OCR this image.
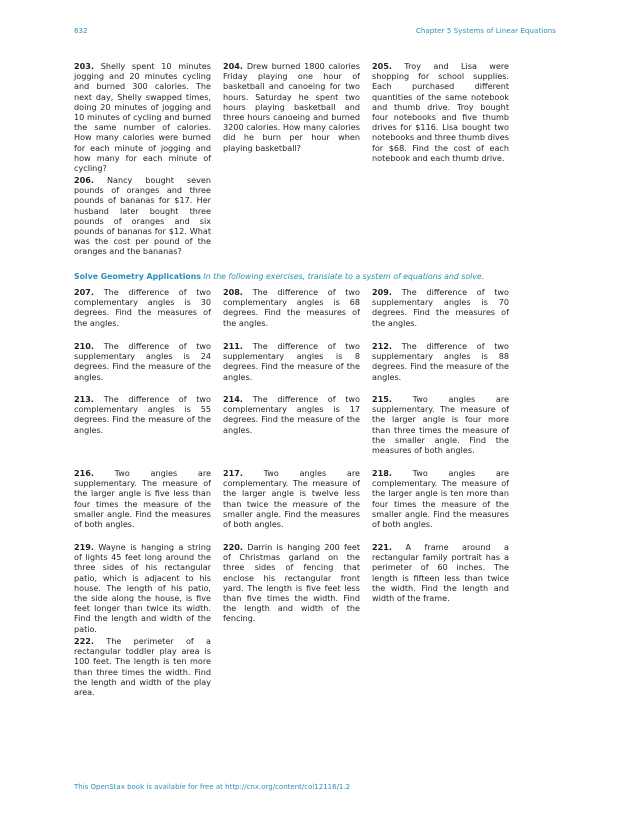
632	Chapter 5 Systems of Linear Equations

203. Shelly spent 10 minutes jogging and 20 minutes cycling and burned 300 calories. The next day, Shelly swapped times, doing 20 minutes of jogging and 10 minutes of cycling and burned the same number of calories. How many calories were burned for each minute of jogging and how many for each minute of cycling?

204. Drew burned 1800 calories Friday playing one hour of basketball and canoeing for two hours. Saturday he spent two hours playing basketball and three hours canoeing and burned 3200 calories. How many calories did he burn per hour when playing basketball?

205. Troy and Lisa were shopping for school supplies. Each purchased different quantities of the same notebook and thumb drive. Troy bought four notebooks and five thumb drives for $116. Lisa bought two notebooks and three thumb dives for $68. Find the cost of each notebook and each thumb drive.

206. Nancy bought seven pounds of oranges and three pounds of bananas for $17. Her husband later bought three pounds of oranges and six pounds of bananas for $12. What was the cost per pound of the oranges and the bananas?

Solve Geometry Applications In the following exercises, translate to a system of equations and solve.

207. The difference of two complementary angles is 30 degrees. Find the measures of the angles.

208. The difference of two complementary angles is 68 degrees. Find the measures of the angles.

209. The difference of two supplementary angles is 70 degrees. Find the measures of the angles.

210. The difference of two supplementary angles is 24 degrees. Find the measure of the angles.

211. The difference of two supplementary angles is 8 degrees. Find the measure of the angles.

212. The difference of two supplementary angles is 88 degrees. Find the measure of the angles.

213. The difference of two complementary angles is 55 degrees. Find the measure of the angles.

214. The difference of two complementary angles is 17 degrees. Find the measure of the angles.

215.	Two angles are supplementary. The measure of the larger angle is four more than three times the measure of the smaller angle. Find the measures of both angles.

216.	Two angles are supplementary. The measure of the larger angle is five less than four times the measure of the smaller angle. Find the measures of both angles.

217.	Two angles are complementary. The measure of the larger angle is twelve less than twice the measure of the smaller angle. Find the measures of both angles.

218.	Two angles are complementary. The measure of the larger angle is ten more than four times the measure of the smaller angle. Find the measures of both angles.

219. Wayne is hanging a string of lights 45 feet long around the three sides of his rectangular patio, which is adjacent to his house. The length of his patio, the side along the house, is five feet longer than twice its width. Find the length and width of the patio.

220. Darrin is hanging 200 feet of Christmas garland on the three sides of fencing that enclose his rectangular front yard. The length is five feet less than five times the width. Find the length and width of the fencing.

221. A frame around a rectangular family portrait has a perimeter of 60 inches. The length is fifteen less than twice the width. Find the length and width of the frame.

222. The perimeter of a rectangular toddler play area is 100 feet. The length is ten more than three times the width. Find the length and width of the play area.

This OpenStax book is available for free at http://cnx.org/content/col12116/1.2
